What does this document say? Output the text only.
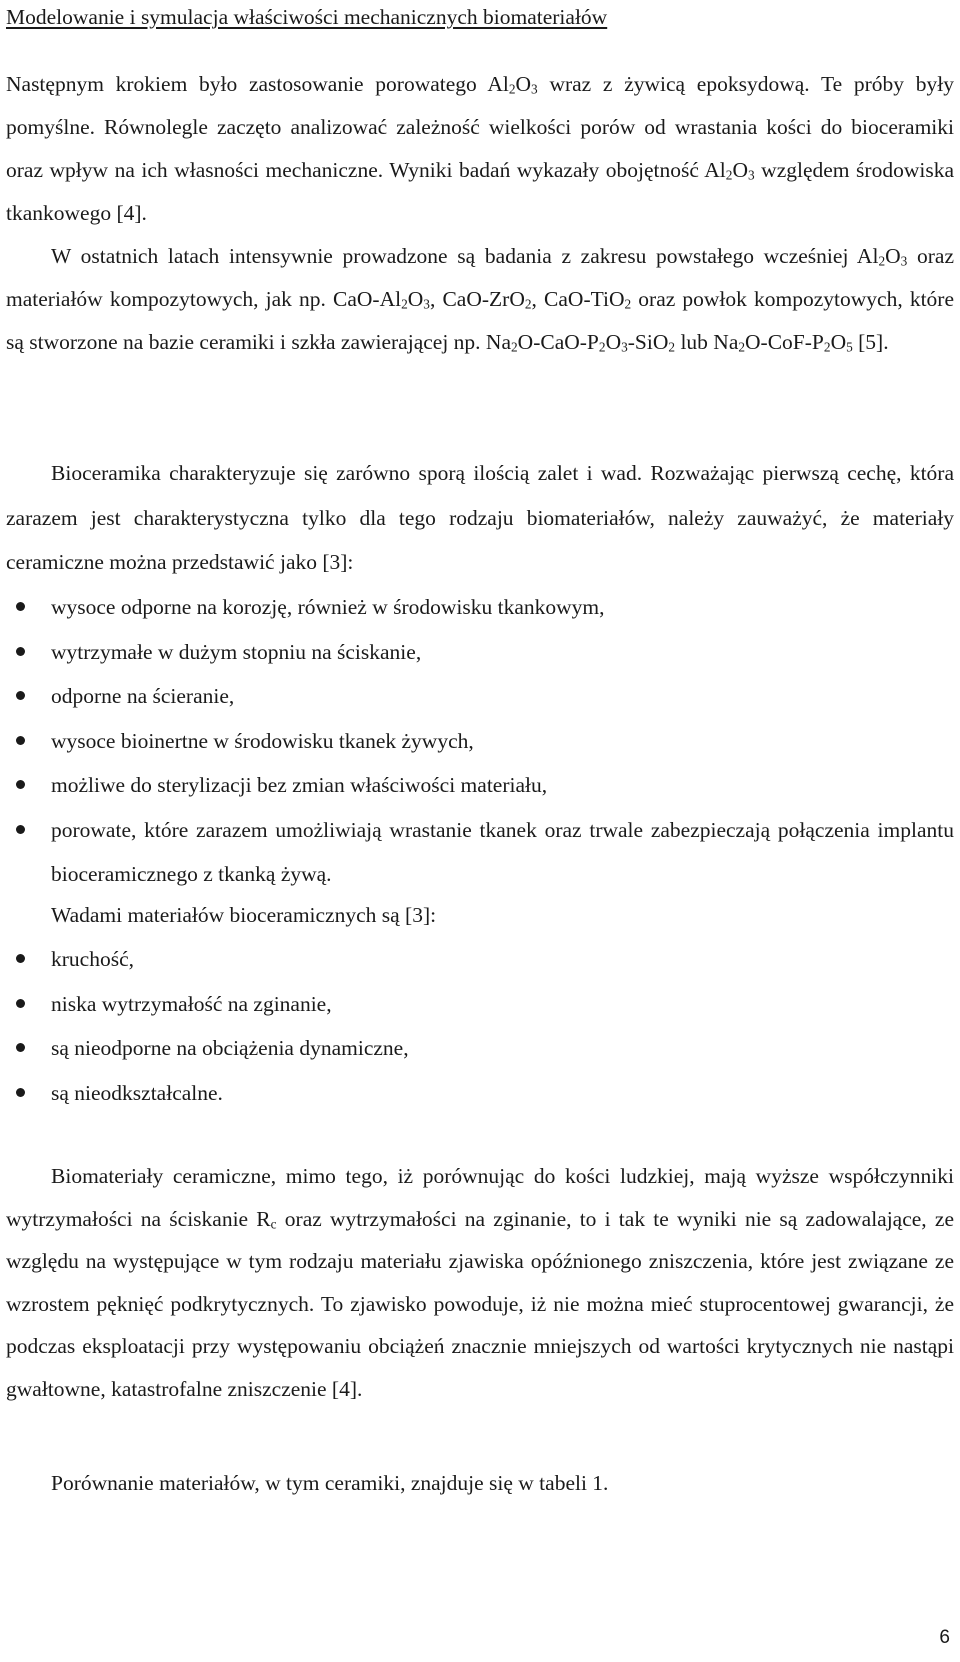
Modelowanie i symulacja właściwości mechanicznych biomateriałów

Następnym krokiem było zastosowanie porowatego $Al_2O_3$ wraz z żywicą epoksydową. Te próby były pomyślne. Równolegle zaczęto analizować zależność wielkości porów od wrastania kości do bioceramiki oraz wpływ na ich własności mechaniczne. Wyniki badań wykazały obojętność $Al_2O_3$ względem środowiska tkankowego [4].

W ostatnich latach intensywnie prowadzone są badania z zakresu powstałego wcześniej $Al_2O_3$ oraz materiałów kompozytowych, jak np. CaO-$Al_2O_3$, CaO-ZrO$_2$, CaO-TiO$_2$ oraz powłok kompozytowych, które są stworzone na bazie ceramiki i szkła zawierającej np. $Na_2O-CaO-P_2O_3-SiO_2$ lub $Na_2O-CoF-P_2O_5$ [5].

Bioceramika charakteryzuje się zarówno sporą ilością zalet i wad. Rozważając pierwszą cechę, która zarazem jest charakterystyczna tylko dla tego rodzaju biomateriałów, należy zauważyć, że materiały ceramiczne można przedstawić jako [3]:

wysoce odporne na korozję, również w środowisku tkankowym,
wytrzymałe w dużym stopniu na ściskanie,
odporne na ścieranie,
wysoce bioinertne w środowisku tkanek żywych,
możliwe do sterylizacji bez zmian właściwości materiału,
porowate, które zarazem umożliwiają wrastanie tkanek oraz trwale zabezpieczają połączenia implantu bioceramicznego z tkanką żywą.
Wadami materiałów bioceramicznych są [3]:
kruchość,
niska wytrzymałość na zginanie,
są nieodporne na obciążenia dynamiczne,
są nieodkształcalne.

Biomateriały ceramiczne, mimo tego, iż porównując do kości ludzkiej, mają wyższe współczynniki wytrzymałości na ściskanie $R_c$ oraz wytrzymałości na zginanie, to i tak te wyniki nie są zadowalające, ze względu na występujące w tym rodzaju materiału zjawiska opóźnionego zniszczenia, które jest związane ze wzrostem pęknięć podkrytycznych. To zjawisko powoduje, iż nie można mieć stuprocentowej gwarancji, że podczas eksploatacji przy występowaniu obciążeń znacznie mniejszych od wartości krytycznych nie nastąpi gwałtowne, katastrofalne zniszczenie [4].

Porównanie materiałów, w tym ceramiki, znajduje się w tabeli 1.
6
